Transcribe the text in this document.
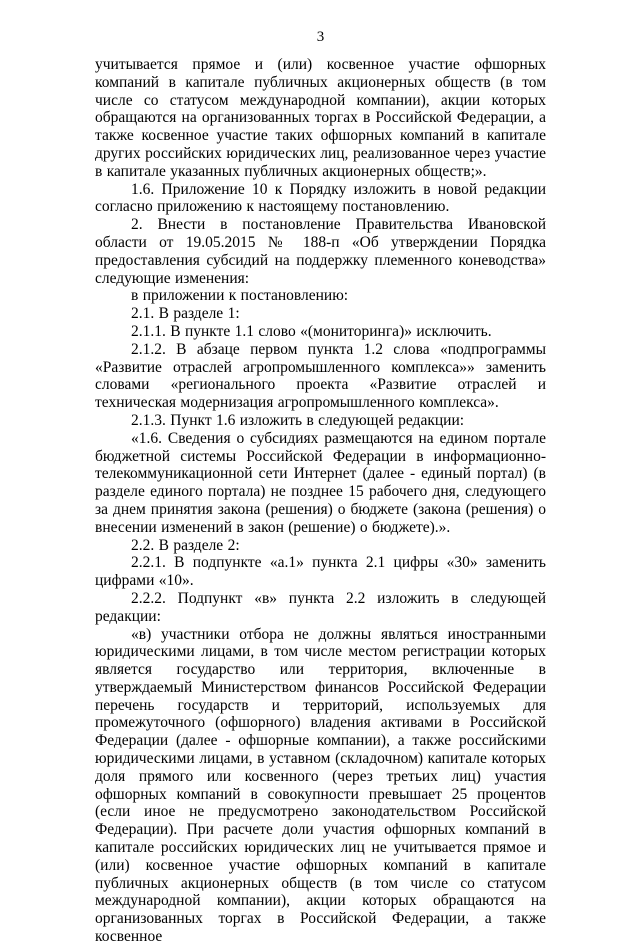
3

учитывается прямое и (или) косвенное участие офшорных компаний в капитале публичных акционерных обществ (в том числе со статусом международной компании), акции которых обращаются на организованных торгах в Российской Федерации, а также косвенное участие таких офшорных компаний в капитале других российских юридических лиц, реализованное через участие в капитале указанных публичных акционерных обществ;».

1.6. Приложение 10 к Порядку изложить в новой редакции согласно приложению к настоящему постановлению.

2. Внести в постановление Правительства Ивановской области от 19.05.2015 № 188-п «Об утверждении Порядка предоставления субсидий на поддержку племенного коневодства» следующие изменения:

в приложении к постановлению:

2.1. В разделе 1:

2.1.1. В пункте 1.1 слово «(мониторинга)» исключить.

2.1.2. В абзаце первом пункта 1.2 слова «подпрограммы «Развитие отраслей агропромышленного комплекса»» заменить словами «регионального проекта «Развитие отраслей и техническая модернизация агропромышленного комплекса».

2.1.3. Пункт 1.6 изложить в следующей редакции:

«1.6. Сведения о субсидиях размещаются на едином портале бюджетной системы Российской Федерации в информационно-телекоммуникационной сети Интернет (далее - единый портал) (в разделе единого портала) не позднее 15 рабочего дня, следующего за днем принятия закона (решения) о бюджете (закона (решения) о внесении изменений в закон (решение) о бюджете).».

2.2. В разделе 2:

2.2.1. В подпункте «а.1» пункта 2.1 цифры «30» заменить цифрами «10».

2.2.2. Подпункт «в» пункта 2.2 изложить в следующей редакции:

«в) участники отбора не должны являться иностранными юридическими лицами, в том числе местом регистрации которых является государство или территория, включенные в утверждаемый Министерством финансов Российской Федерации перечень государств и территорий, используемых для промежуточного (офшорного) владения активами в Российской Федерации (далее - офшорные компании), а также российскими юридическими лицами, в уставном (складочном) капитале которых доля прямого или косвенного (через третьих лиц) участия офшорных компаний в совокупности превышает 25 процентов (если иное не предусмотрено законодательством Российской Федерации). При расчете доли участия офшорных компаний в капитале российских юридических лиц не учитывается прямое и (или) косвенное участие офшорных компаний в капитале публичных акционерных обществ (в том числе со статусом международной компании), акции которых обращаются на организованных торгах в Российской Федерации, а также косвенное
